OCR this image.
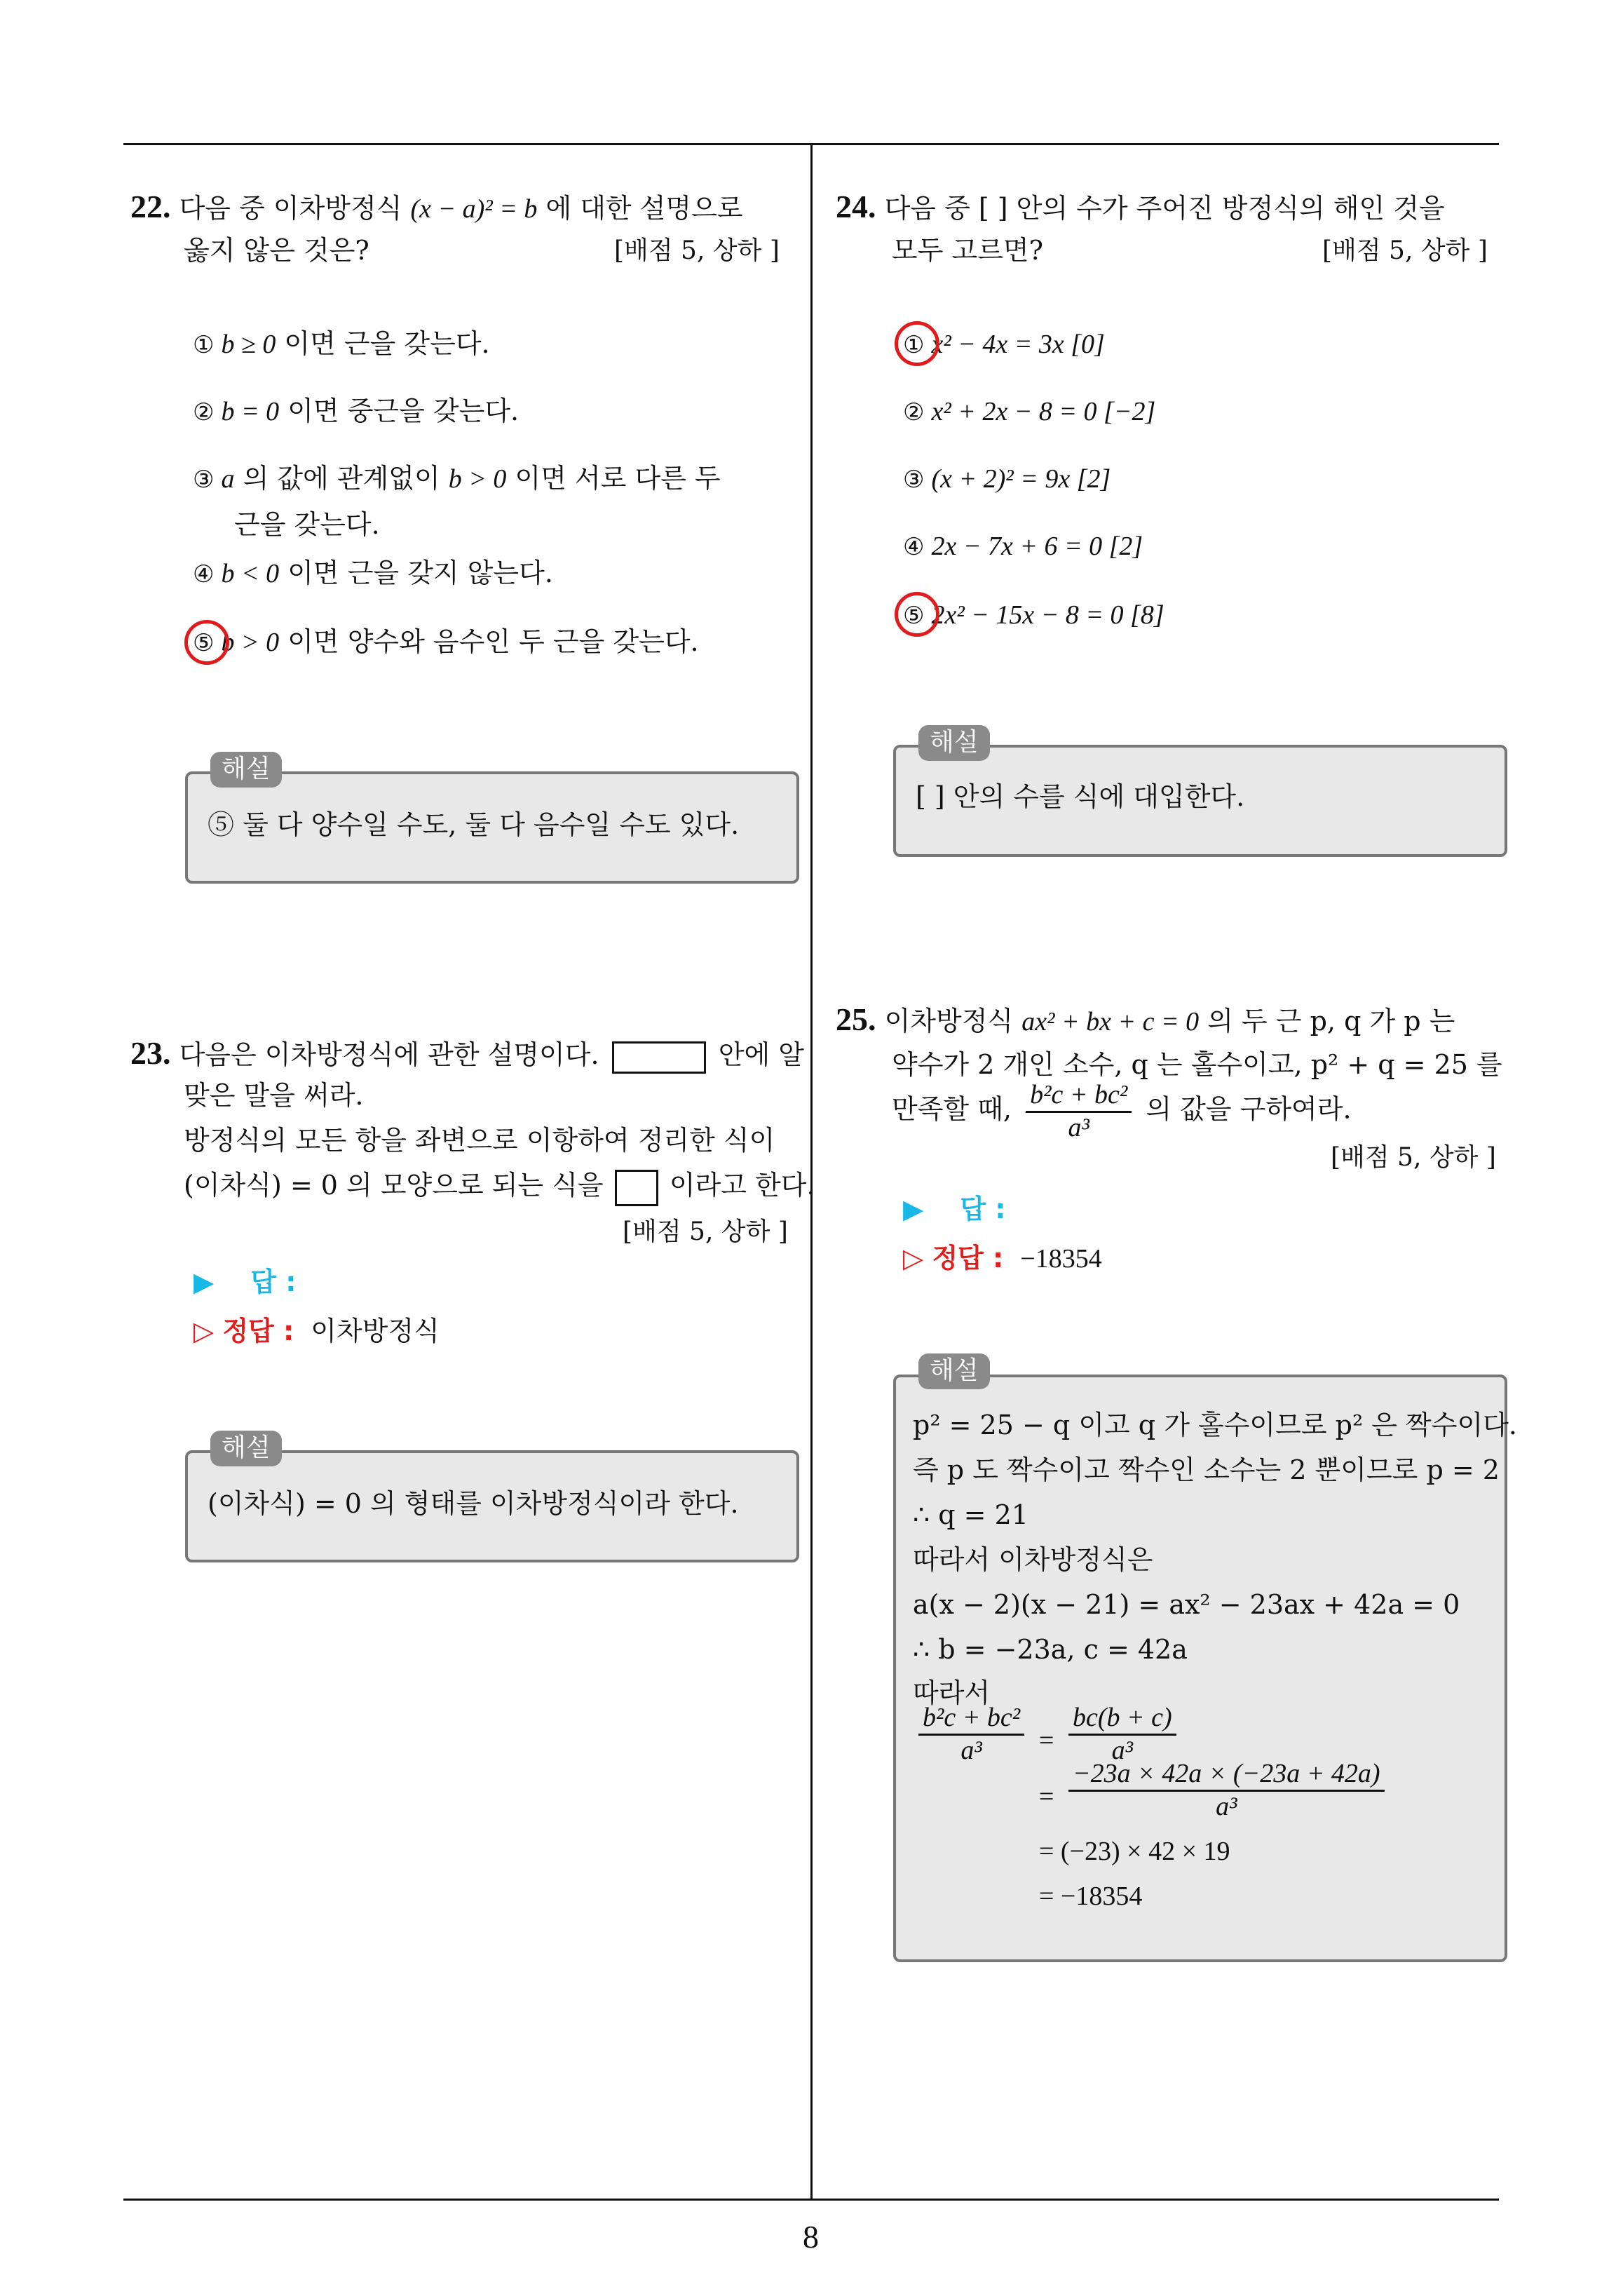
22. 다음 중 이차방정식 (x − a)² = b 에 대한 설명으로
옳지 않은 것은?	[배점 5, 상하 ]
① b ≥ 0 이면 근을 갖는다.
② b = 0 이면 중근을 갖는다.
③ a 의 값에 관계없이 b > 0 이면 서로 다른 두
근을 갖는다.
④ b < 0 이면 근을 갖지 않는다.
⑤ b > 0 이면 양수와 음수인 두 근을 갖는다.
해설
⑤ 둘 다 양수일 수도, 둘 다 음수일 수도 있다.
23. 다음은 이차방정식에 관한 설명이다.	안에 알
맞은 말을 써라.
방정식의 모든 항을 좌변으로 이항하여 정리한 식이
(이차식) = 0 의 모양으로 되는 식을 이라고 한다.
[배점 5, 상하 ]
▶ 답 :
▷ 정답 : 이차방정식
해설
(이차식) = 0 의 형태를 이차방정식이라 한다.
24. 다음 중 [ ] 안의 수가 주어진 방정식의 해인 것을
모두 고르면?	[배점 5, 상하 ]
① x² − 4x = 3x [0]
② x² + 2x − 8 = 0 [−2]
③ (x + 2)² = 9x [2]
④ 2x − 7x + 6 = 0 [2]
⑤ 2x² − 15x − 8 = 0 [8]
해설
[ ] 안의 수를 식에 대입한다.
25. 이차방정식 ax² + bx + c = 0 의 두 근 p, q 가 p 는
약수가 2 개인 소수, q 는 홀수이고, p² + q = 25 를
만족할 때, $\frac{\text{b²c + bc²}}{\text{a³}}$ 의 값을 구하여라.
[배점 5, 상하 ]
▶ 답 :
▷ 정답 : −18354
해설
p² = 25 − q 이고 q 가 홀수이므로 p² 은 짝수이다.
즉 p 도 짝수이고 짝수인 소수는 2 뿐이므로 p = 2
∴ q = 21
따라서 이차방정식은
a(x − 2)(x − 21) = ax² − 23ax + 42a = 0
∴ b = −23a, c = 42a
따라서
$\frac{\text{b²c + bc²}}{\text{a³}} = \frac{bc(b + c)}{\text{a³}}$
= $\frac{-23a \times 42a \times (-23a + 42a)}{\text{a³}}$
= (−23) × 42 × 19
= −18354
8
